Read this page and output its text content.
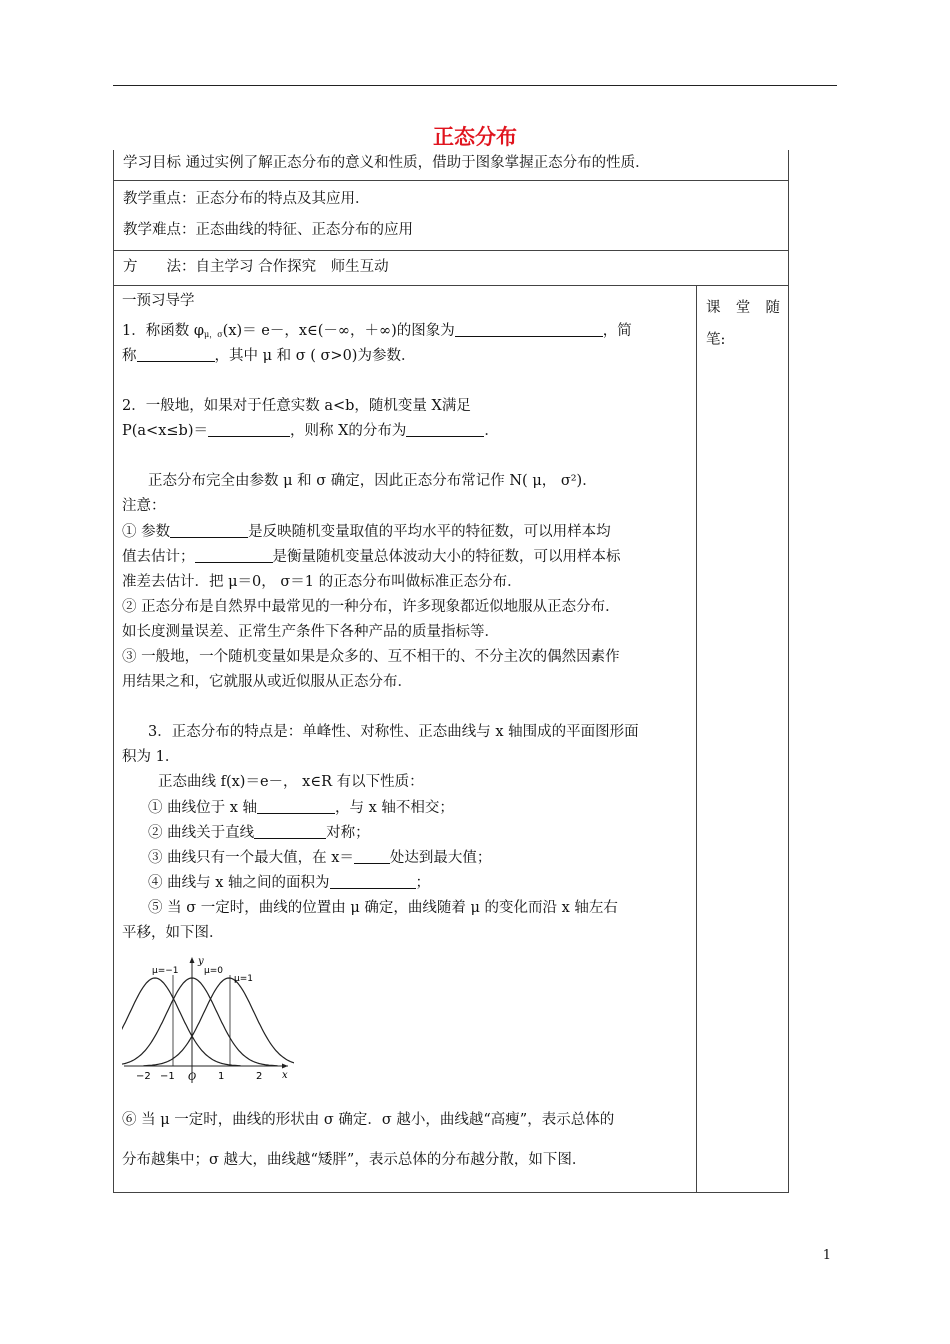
正态分布
学习目标 通过实例了解正态分布的意义和性质，借助于图象掌握正态分布的性质．
教学重点：正态分布的特点及其应用．
教学难点：正态曲线的特征、正态分布的应用
方　　法：自主学习 合作探究　师生互动
课 堂 随
笔:
一预习导学
1．称函数 $\varphi_{\mu,\sigma}(x)= e-$，x∈(－∞，＋∞)的图象为	，简
称	，其中 μ 和 σ ( σ>0)为参数．
2．一般地，如果对于任意实数 a<b，随机变量 X满足
P(a<x≤b)＝	，则称 X的分布为	．
正态分布完全由参数 μ 和 σ 确定，因此正态分布常记作 N( μ， σ²)．
注意：
① 参数	是反映随机变量取值的平均水平的特征数，可以用样本均
值去估计；	是衡量随机变量总体波动大小的特征数，可以用样本标
准差去估计．把 μ＝0， σ＝1 的正态分布叫做标准正态分布．
② 正态分布是自然界中最常见的一种分布，许多现象都近似地服从正态分布．
如长度测量误差、正常生产条件下各种产品的质量指标等．
③ 一般地，一个随机变量如果是众多的、互不相干的、不分主次的偶然因素作
用结果之和，它就服从或近似服从正态分布．
3．正态分布的特点是：单峰性、对称性、正态曲线与 x 轴围成的平面图形面
积为 1．
正态曲线 f(x)＝e－， x∈R 有以下性质：
① 曲线位于 x 轴	，与 x 轴不相交；
② 曲线关于直线	对称；
③ 曲线只有一个最大值，在 x＝ 处达到最大值；
④ 曲线与 x 轴之间的面积为	；
⑤ 当 σ 一定时，曲线的位置由 μ 确定，曲线随着 μ 的变化而沿 x 轴左右
平移，如下图．
y
x
μ=−1	μ=0
μ=1
−2 −1 O 1	2
⑥ 当 μ 一定时，曲线的形状由 σ 确定．σ 越小，曲线越“高瘦”，表示总体的
分布越集中；σ 越大，曲线越“矮胖”，表示总体的分布越分散，如下图．
1
